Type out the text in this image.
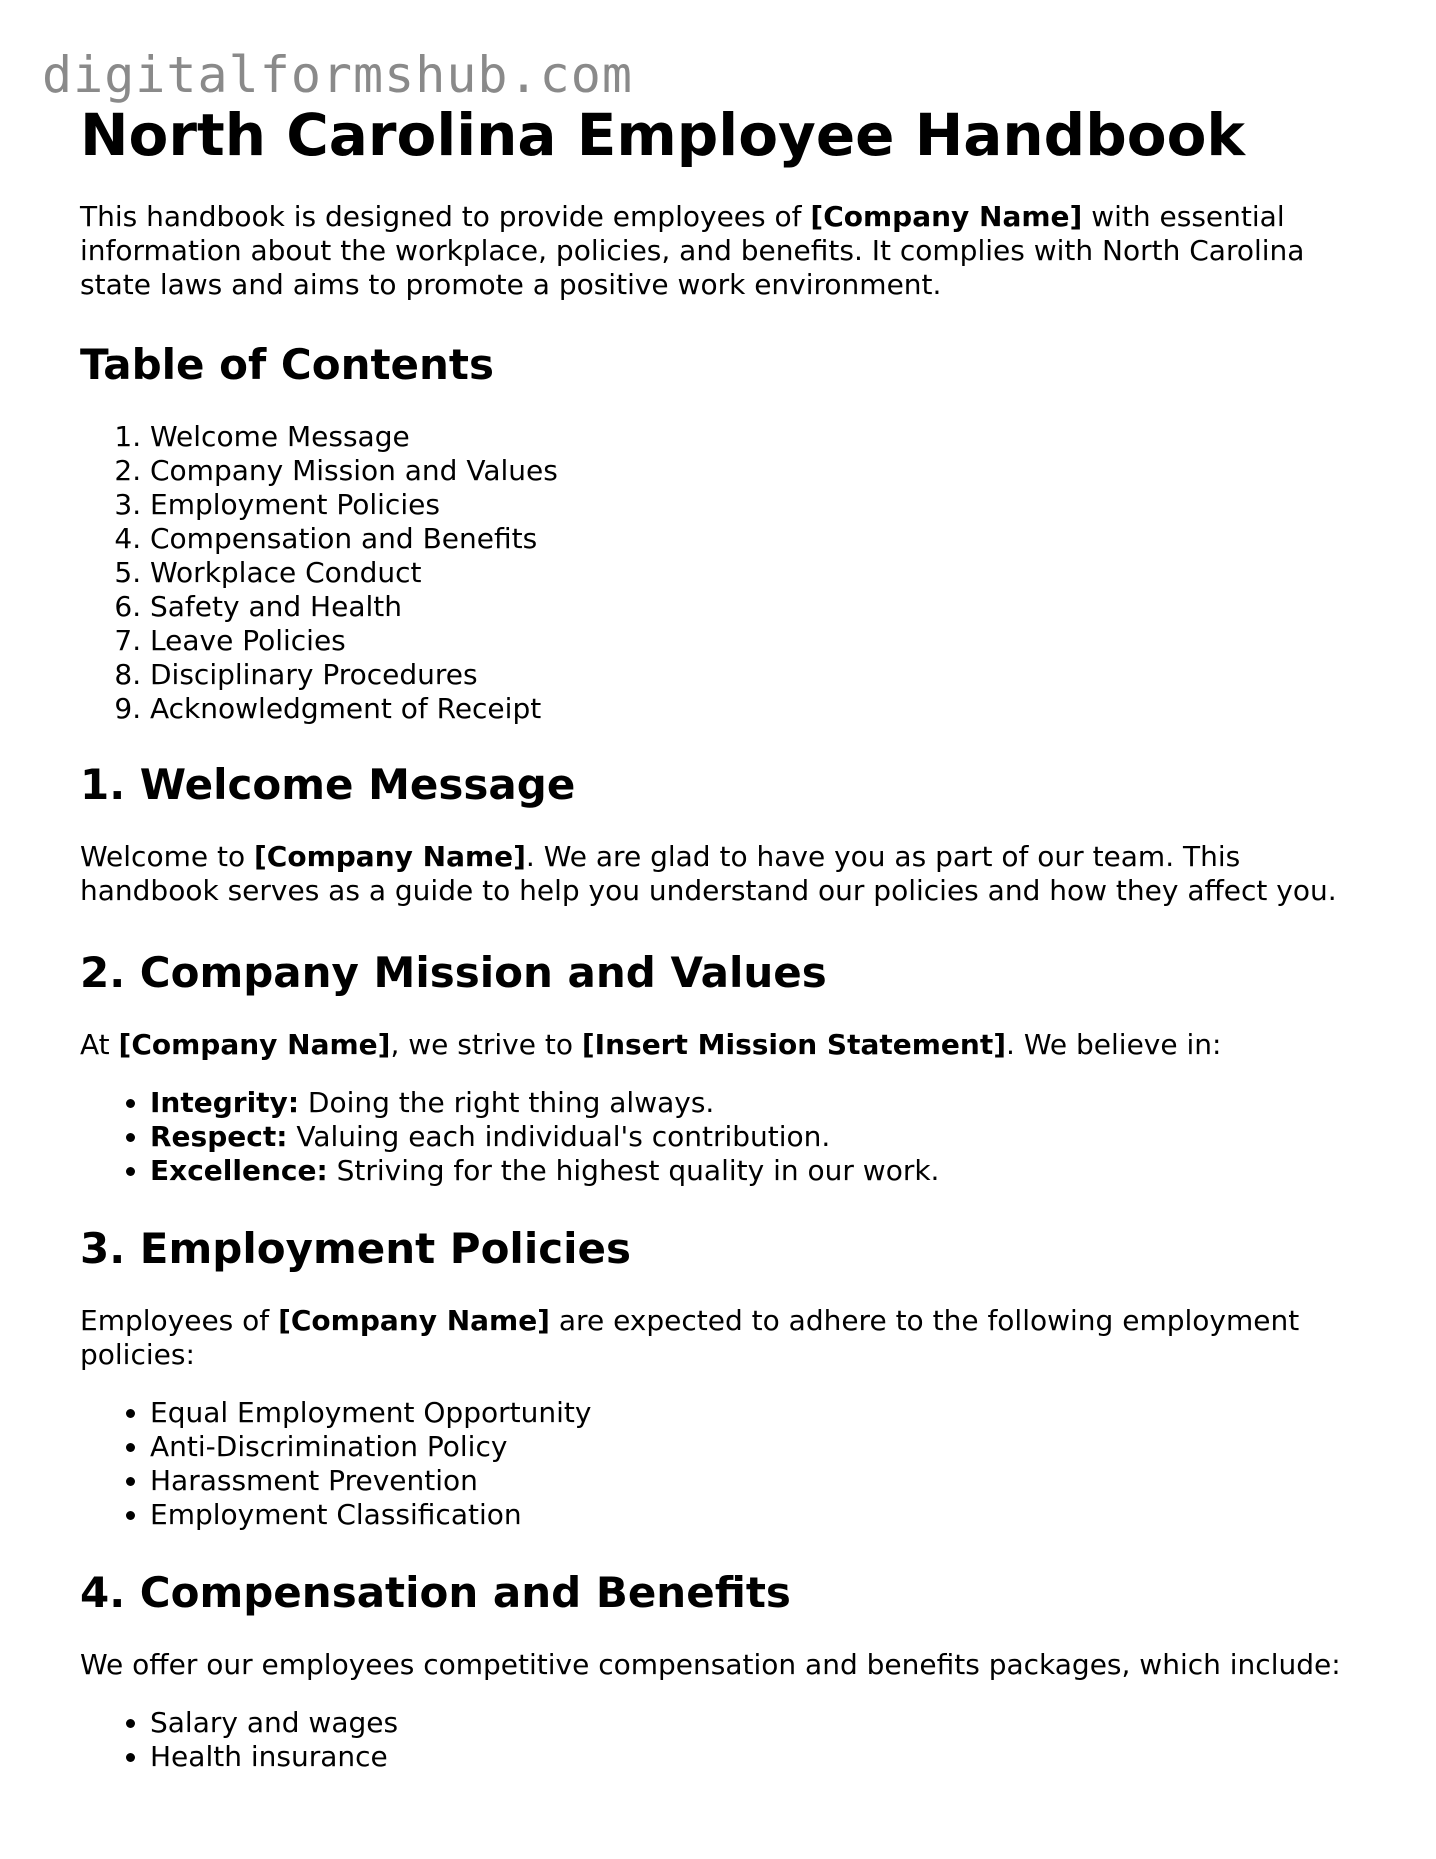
digitalformshub.com
North Carolina Employee Handbook

This handbook is designed to provide employees of [Company Name] with essential information about the workplace, policies, and benefits. It complies with North Carolina state laws and aims to promote a positive work environment.

Table of Contents
1. Welcome Message
2. Company Mission and Values
3. Employment Policies
4. Compensation and Benefits
5. Workplace Conduct
6. Safety and Health
7. Leave Policies
8. Disciplinary Procedures
9. Acknowledgment of Receipt
1. Welcome Message

Welcome to [Company Name]. We are glad to have you as part of our team. This handbook serves as a guide to help you understand our policies and how they affect you.

2. Company Mission and Values

At [Company Name], we strive to [Insert Mission Statement]. We believe in:

• Integrity: Doing the right thing always.
• Respect: Valuing each individual's contribution.
• Excellence: Striving for the highest quality in our work.
3. Employment Policies

Employees of [Company Name] are expected to adhere to the following employment policies:

• Equal Employment Opportunity
• Anti-Discrimination Policy
• Harassment Prevention
• Employment Classification
4. Compensation and Benefits

We offer our employees competitive compensation and benefits packages, which include:

• Salary and wages
• Health insurance
